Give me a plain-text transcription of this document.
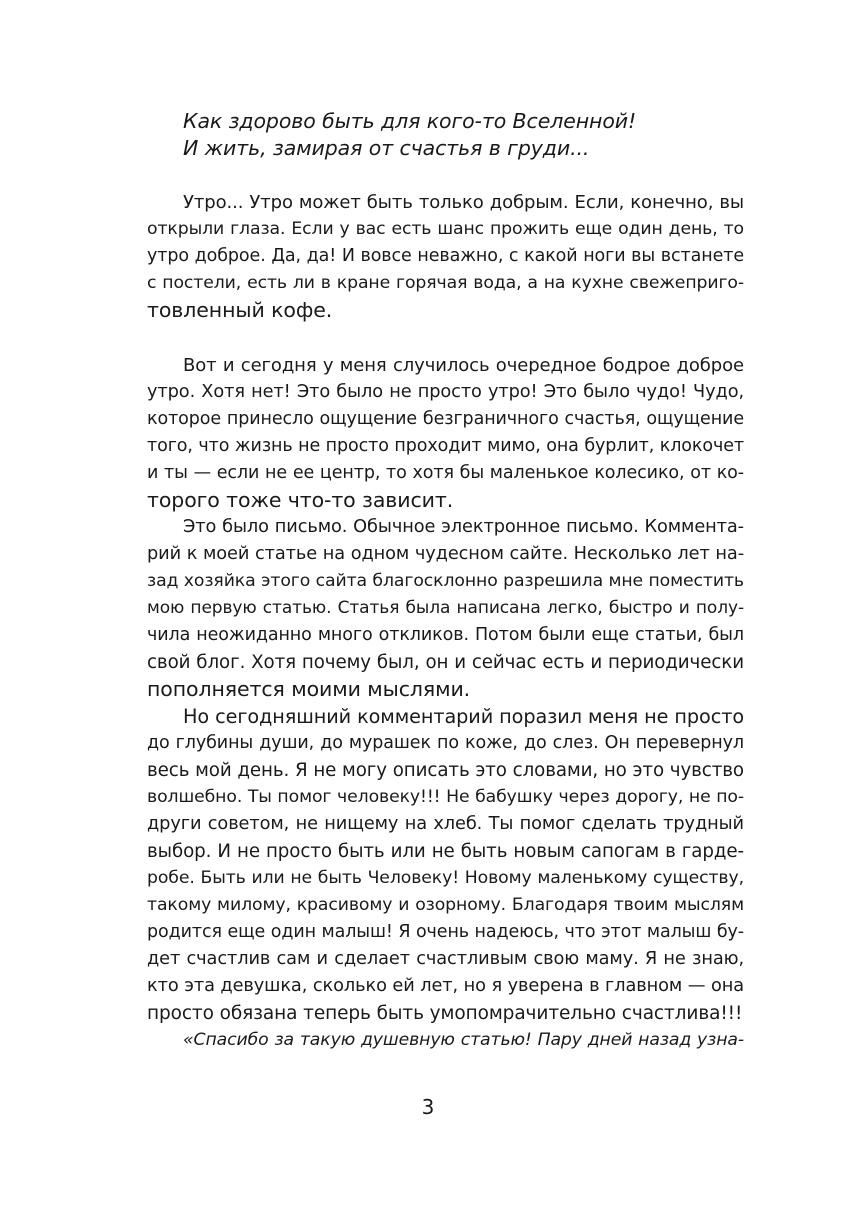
Как здорово быть для кого-то Вселенной!
И жить, замирая от счастья в груди...
Утро... Утро может быть только добрым. Если, конечно, вы
открыли глаза. Если у вас есть шанс прожить еще один день, то
утро доброе. Да, да! И вовсе неважно, с какой ноги вы встанете
с постели, есть ли в кране горячая вода, а на кухне свежеприго-
товленный кофе.
Вот и сегодня у меня случилось очередное бодрое доброе
утро. Хотя нет! Это было не просто утро! Это было чудо! Чудо,
которое принесло ощущение безграничного счастья, ощущение
того, что жизнь не просто проходит мимо, она бурлит, клокочет
и ты — если не ее центр, то хотя бы маленькое колесико, от ко-
торого тоже что-то зависит.
Это было письмо. Обычное электронное письмо. Коммента-
рий к моей статье на одном чудесном сайте. Несколько лет на-
зад хозяйка этого сайта благосклонно разрешила мне поместить
мою первую статью. Статья была написана легко, быстро и полу-
чила неожиданно много откликов. Потом были еще статьи, был
свой блог. Хотя почему был, он и сейчас есть и периодически
пополняется моими мыслями.
Но сегодняшний комментарий поразил меня не просто
до глубины души, до мурашек по коже, до слез. Он перевернул
весь мой день. Я не могу описать это словами, но это чувство
волшебно. Ты помог человеку!!! Не бабушку через дорогу, не по-
други советом, не нищему на хлеб. Ты помог сделать трудный
выбор. И не просто быть или не быть новым сапогам в гарде-
робе. Быть или не быть Человеку! Новому маленькому существу,
такому милому, красивому и озорному. Благодаря твоим мыслям
родится еще один малыш! Я очень надеюсь, что этот малыш бу-
дет счастлив сам и сделает счастливым свою маму. Я не знаю,
кто эта девушка, сколько ей лет, но я уверена в главном — она
просто обязана теперь быть умопомрачительно счастлива!!!
«Спасибо за такую душевную статью! Пару дней назад узна-
3
